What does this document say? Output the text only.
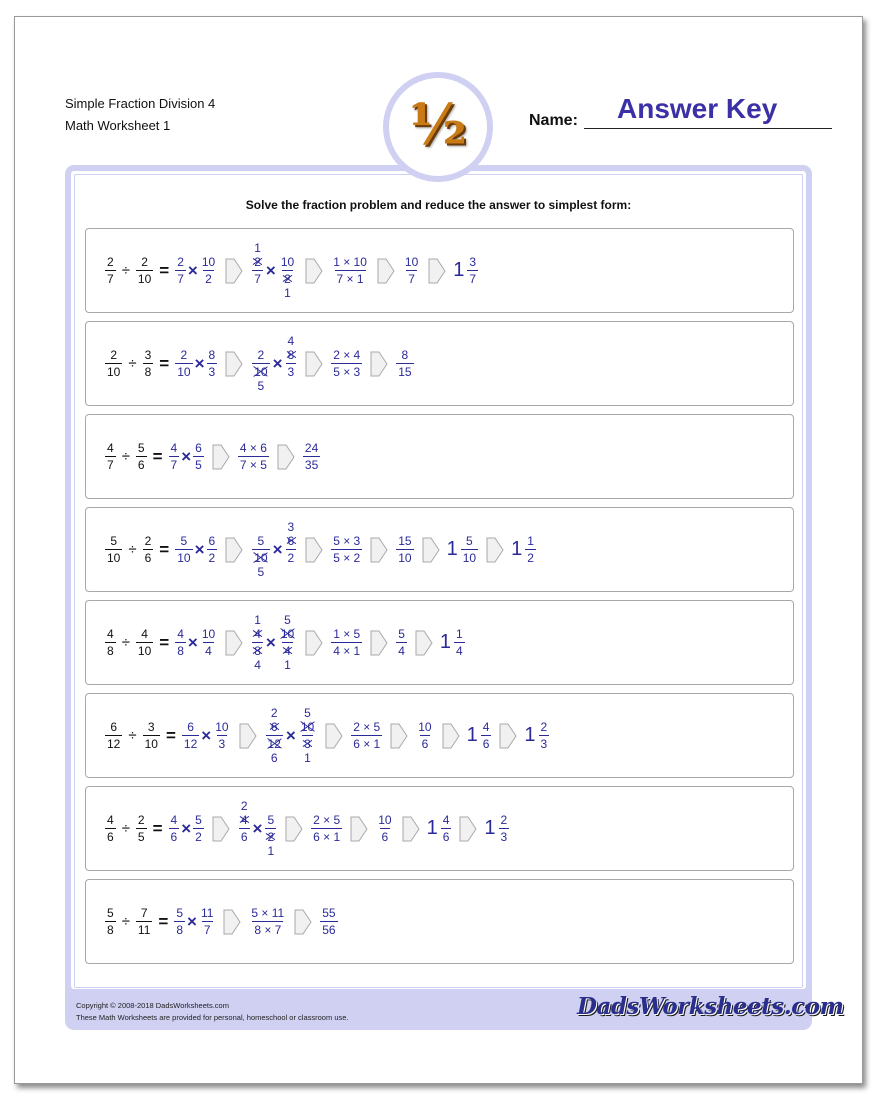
Simple Fraction Division 4
Math Worksheet 1	Name: Answer Key
Solve the fraction problem and reduce the answer to simplest form:
$\frac{2}{7} \div \frac{2}{10} = \frac{2}{7} \times \frac{10}{2}$
1
$\frac{2}{7} \times \frac{10}{2}$
1
$\frac{1 \times 10}{7 \times 1}$	$\frac{10}{7} 1 \frac{3}{7}$
$\frac{2}{10} \div \frac{3}{8} = \frac{2}{10} \times \frac{8}{3}$	$\frac{2}{10}$
5
×
4
$\frac{8}{3}$	$\frac{2 \times 4}{5 \times 3}$	$\frac{8}{15}$
$\frac{4}{7} \div \frac{5}{6} = \frac{4}{7} \times \frac{6}{5}$	$\frac{4 \times 6}{7 \times 5}$	$\frac{24}{35}$
$\frac{5}{10} \div \frac{2}{6} = \frac{5}{10} \times \frac{6}{2}$	$\frac{5}{10}$
5
×
3
$\frac{6}{2}$	$\frac{5 \times 3}{5 \times 2}$	$\frac{15}{10} 1 \frac{5}{10} 1 \frac{1}{2}$
$\frac{4}{8} \div \frac{4}{10} = \frac{4}{8} \times \frac{10}{4}$
1
$\frac{4}{8}$
4
×
5
$\frac{10}{4}$
1
$\frac{1 \times 5}{4 \times 1}$	$\frac{5}{4} 1 \frac{1}{4}$
$\frac{6}{12} \div \frac{3}{10} = \frac{6}{12} \times \frac{10}{3}$
2
$\frac{6}{12}$
6
×
5
$\frac{10}{3}$
1
$\frac{2 \times 5}{6 \times 1}$	$\frac{10}{6} 1 \frac{4}{6} 1 \frac{2}{3}$
$\frac{4}{6} \div \frac{2}{5} = \frac{4}{6} \times \frac{5}{2}$
2
$\frac{4}{6} \times \frac{5}{2}$
1
$\frac{2 \times 5}{6 \times 1}$	$\frac{10}{6} 1 \frac{4}{6} 1 \frac{2}{3}$
$\frac{5}{8} \div \frac{7}{11} = \frac{5}{8} \times \frac{11}{7}$	$\frac{5 \times 11}{8 \times 7}$	$\frac{55}{56}$
Copyright © 2008-2018 DadsWorksheets.com
These Math Worksheets are provided for personal, homeschool or classroom use.	DadsWorksheets.com
½
